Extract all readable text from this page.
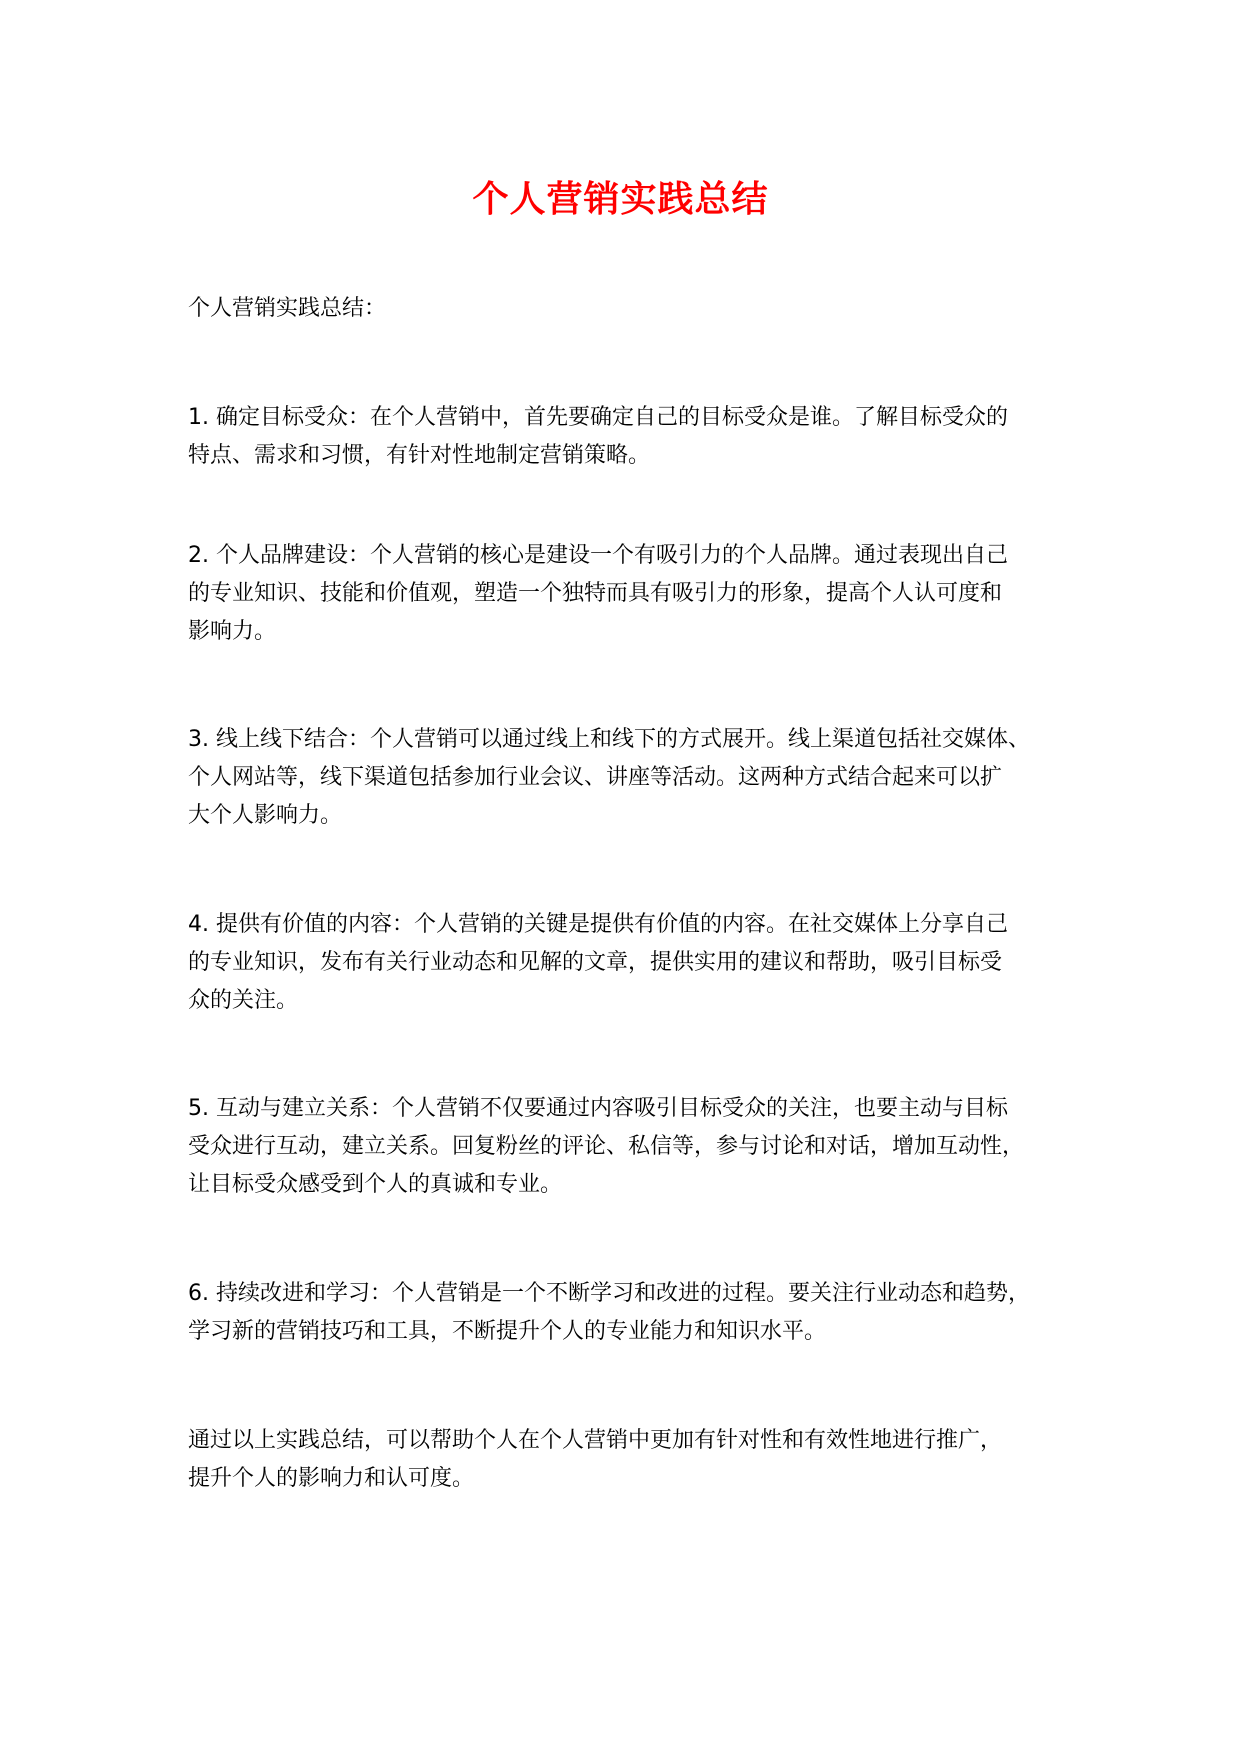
个人营销实践总结

个人营销实践总结：

1. 确定目标受众：在个人营销中，首先要确定自己的目标受众是谁。了解目标受众的
特点、需求和习惯，有针对性地制定营销策略。

2. 个人品牌建设：个人营销的核心是建设一个有吸引力的个人品牌。通过表现出自己
的专业知识、技能和价值观，塑造一个独特而具有吸引力的形象，提高个人认可度和
影响力。

3. 线上线下结合：个人营销可以通过线上和线下的方式展开。线上渠道包括社交媒体、
个人网站等，线下渠道包括参加行业会议、讲座等活动。这两种方式结合起来可以扩
大个人影响力。

4. 提供有价值的内容：个人营销的关键是提供有价值的内容。在社交媒体上分享自己
的专业知识，发布有关行业动态和见解的文章，提供实用的建议和帮助，吸引目标受
众的关注。

5. 互动与建立关系：个人营销不仅要通过内容吸引目标受众的关注，也要主动与目标
受众进行互动，建立关系。回复粉丝的评论、私信等，参与讨论和对话，增加互动性，
让目标受众感受到个人的真诚和专业。

6. 持续改进和学习：个人营销是一个不断学习和改进的过程。要关注行业动态和趋势，
学习新的营销技巧和工具，不断提升个人的专业能力和知识水平。

通过以上实践总结，可以帮助个人在个人营销中更加有针对性和有效性地进行推广，
提升个人的影响力和认可度。
